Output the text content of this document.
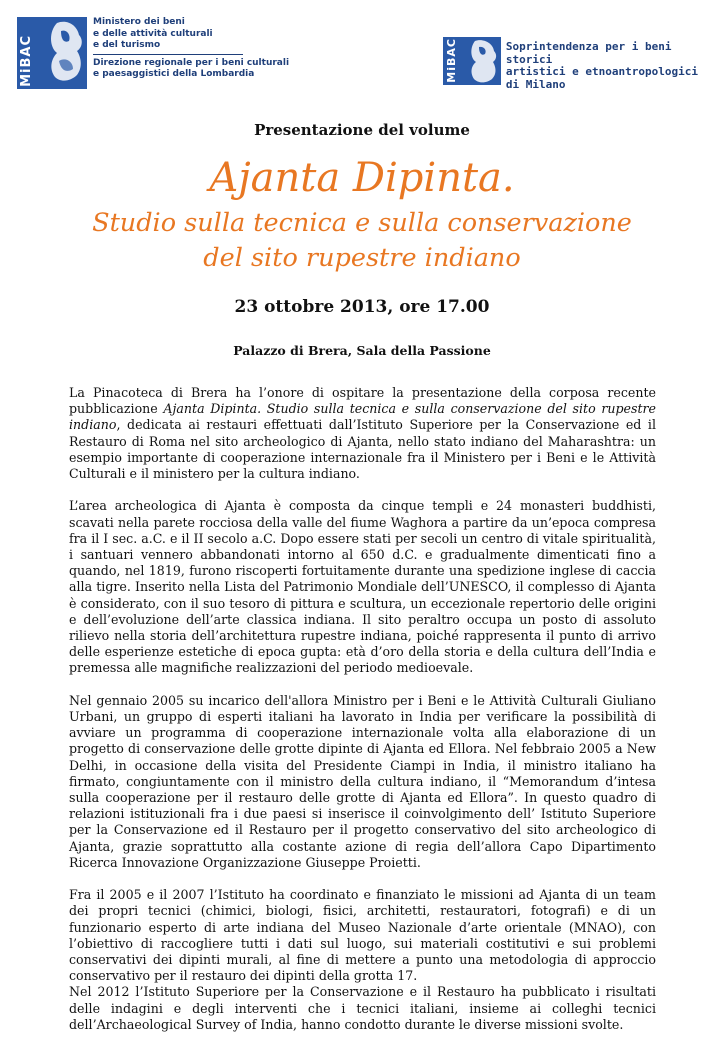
MiBAC
Ministero dei beni
e delle attività culturali
e del turismo
Direzione regionale per i beni culturali
e paesaggistici della Lombardia	MiBAC	Soprintendenza per i beni storici
artistici e etnoantropologici
di Milano
Presentazione del volume
Ajanta Dipinta.
Studio sulla tecnica e sulla conservazione
del sito rupestre indiano
23 ottobre 2013, ore 17.00
Palazzo di Brera, Sala della Passione

La Pinacoteca di Brera ha l’onore di ospitare la presentazione della corposa recente pubblicazione Ajanta Dipinta. Studio sulla tecnica e sulla conservazione del sito rupestre indiano, dedicata ai restauri effettuati dall’Istituto Superiore per la Conservazione ed il Restauro di Roma nel sito archeologico di Ajanta, nello stato indiano del Maharashtra: un esempio importante di cooperazione internazionale fra il Ministero per i Beni e le Attività Culturali e il ministero per la cultura indiano.

L’area archeologica di Ajanta è composta da cinque templi e 24 monasteri buddhisti, scavati nella parete rocciosa della valle del fiume Waghora a partire da un’epoca compresa fra il I sec. a.C. e il II secolo a.C. Dopo essere stati per secoli un centro di vitale spiritualità, i santuari vennero abbandonati intorno al 650 d.C. e gradualmente dimenticati fino a quando, nel 1819, furono riscoperti fortuitamente durante una spedizione inglese di caccia alla tigre. Inserito nella Lista del Patrimonio Mondiale dell’UNESCO, il complesso di Ajanta è considerato, con il suo tesoro di pittura e scultura, un eccezionale repertorio delle origini e dell’evoluzione dell’arte classica indiana. Il sito peraltro occupa un posto di assoluto rilievo nella storia dell’architettura rupestre indiana, poiché rappresenta il punto di arrivo delle esperienze estetiche di epoca gupta: età d’oro della storia e della cultura dell’India e premessa alle magnifiche realizzazioni del periodo medioevale.

Nel gennaio 2005 su incarico dell'allora Ministro per i Beni e le Attività Culturali Giuliano Urbani, un gruppo di esperti italiani ha lavorato in India per verificare la possibilità di avviare un programma di cooperazione internazionale volta alla elaborazione di un progetto di conservazione delle grotte dipinte di Ajanta ed Ellora. Nel febbraio 2005 a New Delhi, in occasione della visita del Presidente Ciampi in India, il ministro italiano ha firmato, congiuntamente con il ministro della cultura indiano, il “Memorandum d’intesa sulla cooperazione per il restauro delle grotte di Ajanta ed Ellora”. In questo quadro di relazioni istituzionali fra i due paesi si inserisce il coinvolgimento dell’ Istituto Superiore per la Conservazione ed il Restauro per il progetto conservativo del sito archeologico di Ajanta, grazie soprattutto alla costante azione di regia dell’allora Capo Dipartimento Ricerca Innovazione Organizzazione Giuseppe Proietti.

Fra il 2005 e il 2007 l’Istituto ha coordinato e finanziato le missioni ad Ajanta di un team dei propri tecnici (chimici, biologi, fisici, architetti, restauratori, fotografi) e di un funzionario esperto di arte indiana del Museo Nazionale d’arte orientale (MNAO), con l’obiettivo di raccogliere tutti i dati sul luogo, sui materiali costitutivi e sui problemi conservativi dei dipinti murali, al fine di mettere a punto una metodologia di approccio conservativo per il restauro dei dipinti della grotta 17.

Nel 2012 l’Istituto Superiore per la Conservazione e il Restauro ha pubblicato i risultati delle indagini e degli interventi che i tecnici italiani, insieme ai colleghi tecnici dell’Archaeological Survey of India, hanno condotto durante le diverse missioni svolte.
